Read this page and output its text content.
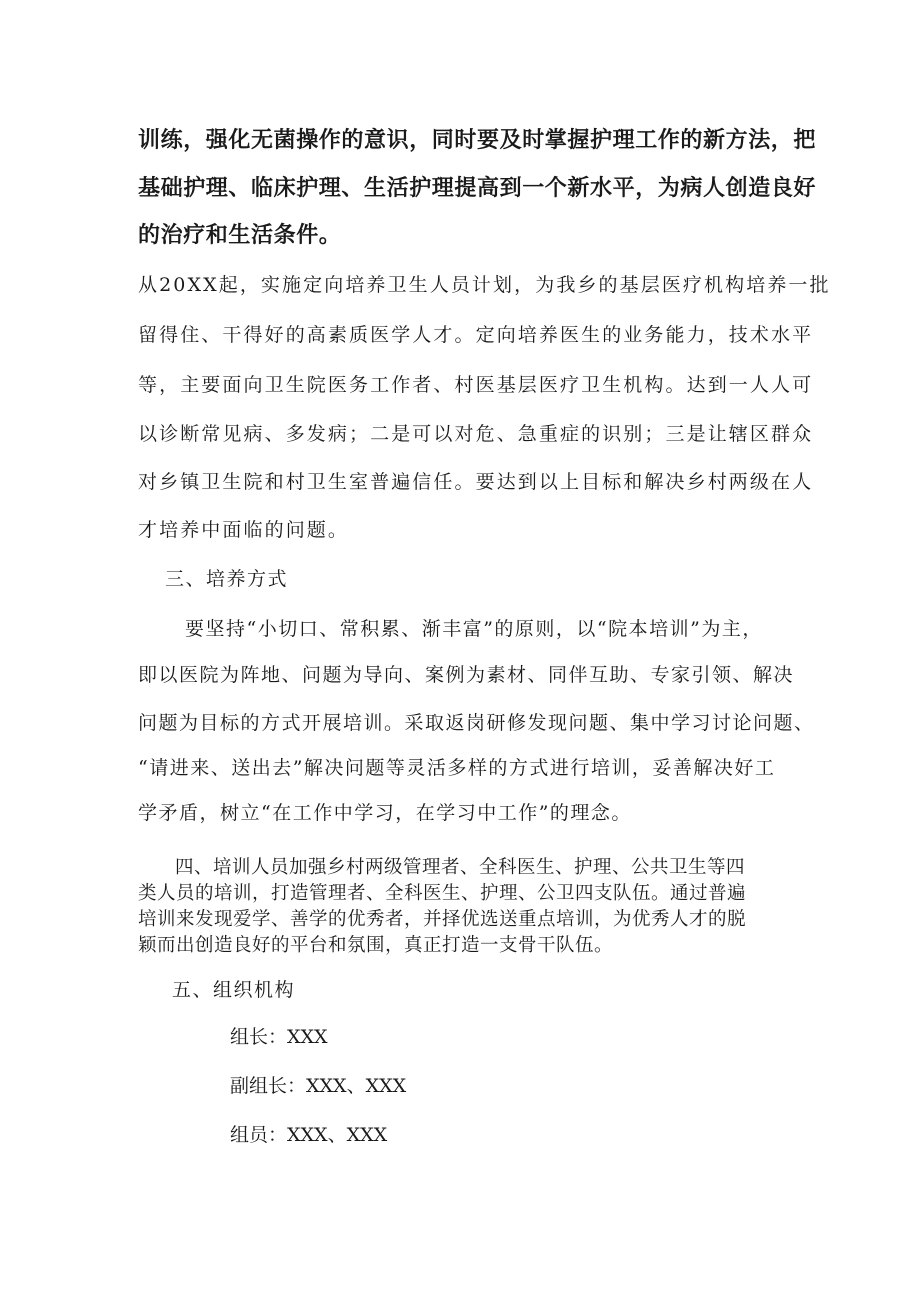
训练，强化无菌操作的意识，同时要及时掌握护理工作的新方法，把
基础护理、临床护理、生活护理提高到一个新水平，为病人创造良好
的治疗和生活条件。
从20XX起，实施定向培养卫生人员计划，为我乡的基层医疗机构培养一批
留得住、干得好的高素质医学人才。定向培养医生的业务能力，技术水平
等，主要面向卫生院医务工作者、村医基层医疗卫生机构。达到一人人可
以诊断常见病、多发病；二是可以对危、急重症的识别；三是让辖区群众
对乡镇卫生院和村卫生室普遍信任。要达到以上目标和解决乡村两级在人
才培养中面临的问题。
三、培养方式
要坚持“小切口、常积累、渐丰富”的原则，以“院本培训”为主，
即以医院为阵地、问题为导向、案例为素材、同伴互助、专家引领、解决
问题为目标的方式开展培训。采取返岗研修发现问题、集中学习讨论问题、
“请进来、送出去”解决问题等灵活多样的方式进行培训，妥善解决好工
学矛盾，树立“在工作中学习，在学习中工作”的理念。
四、培训人员加强乡村两级管理者、全科医生、护理、公共卫生等四
类人员的培训，打造管理者、全科医生、护理、公卫四支队伍。通过普遍
培训来发现爱学、善学的优秀者，并择优选送重点培训，为优秀人才的脱
颖而出创造良好的平台和氛围，真正打造一支骨干队伍。
五、组织机构
组长：XXX
副组长：XXX、XXX
组员：XXX、XXX
